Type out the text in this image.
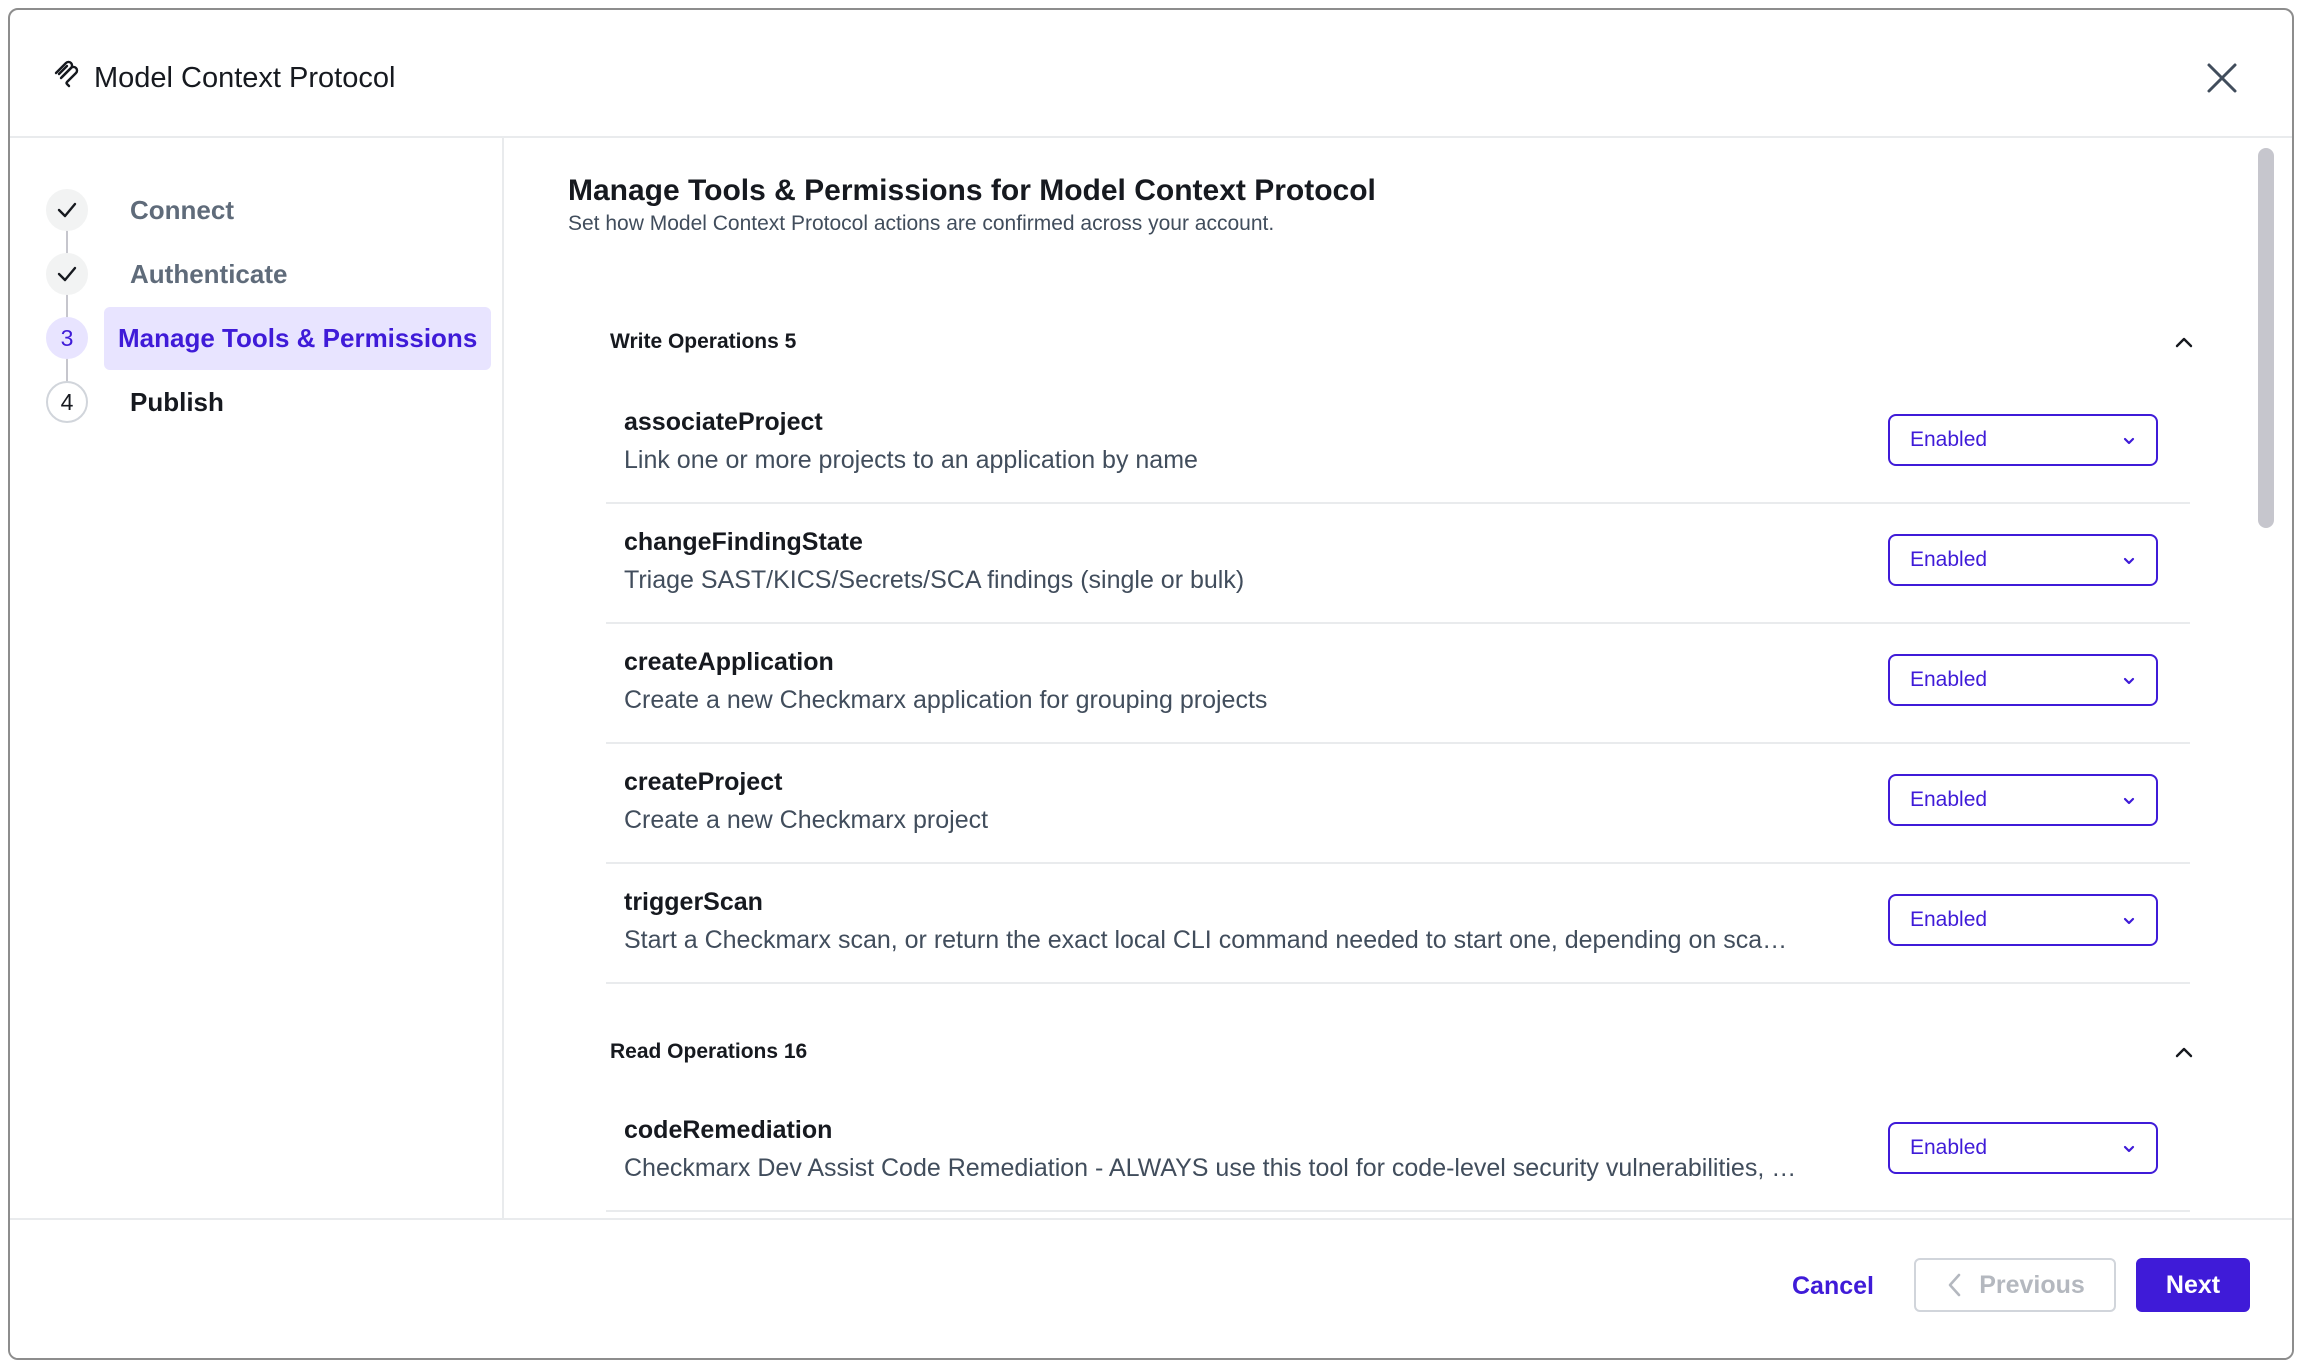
Model Context Protocol
Connect
Authenticate
3	Manage Tools & Permissions
4	Publish
Manage Tools & Permissions for Model Context Protocol
Set how Model Context Protocol actions are confirmed across your account.
Write Operations 5
associateProject
Link one or more projects to an application by name
Enabled
changeFindingState
Triage SAST/KICS/Secrets/SCA findings (single or bulk)
Enabled
createApplication
Create a new Checkmarx application for grouping projects
Enabled
createProject
Create a new Checkmarx project
Enabled
triggerScan
Start a Checkmarx scan, or return the exact local CLI command needed to start one, depending on sca…
Enabled
Read Operations 16
codeRemediation
Checkmarx Dev Assist Code Remediation - ALWAYS use this tool for code-level security vulnerabilities, …
Enabled
Cancel	Previous	Next
